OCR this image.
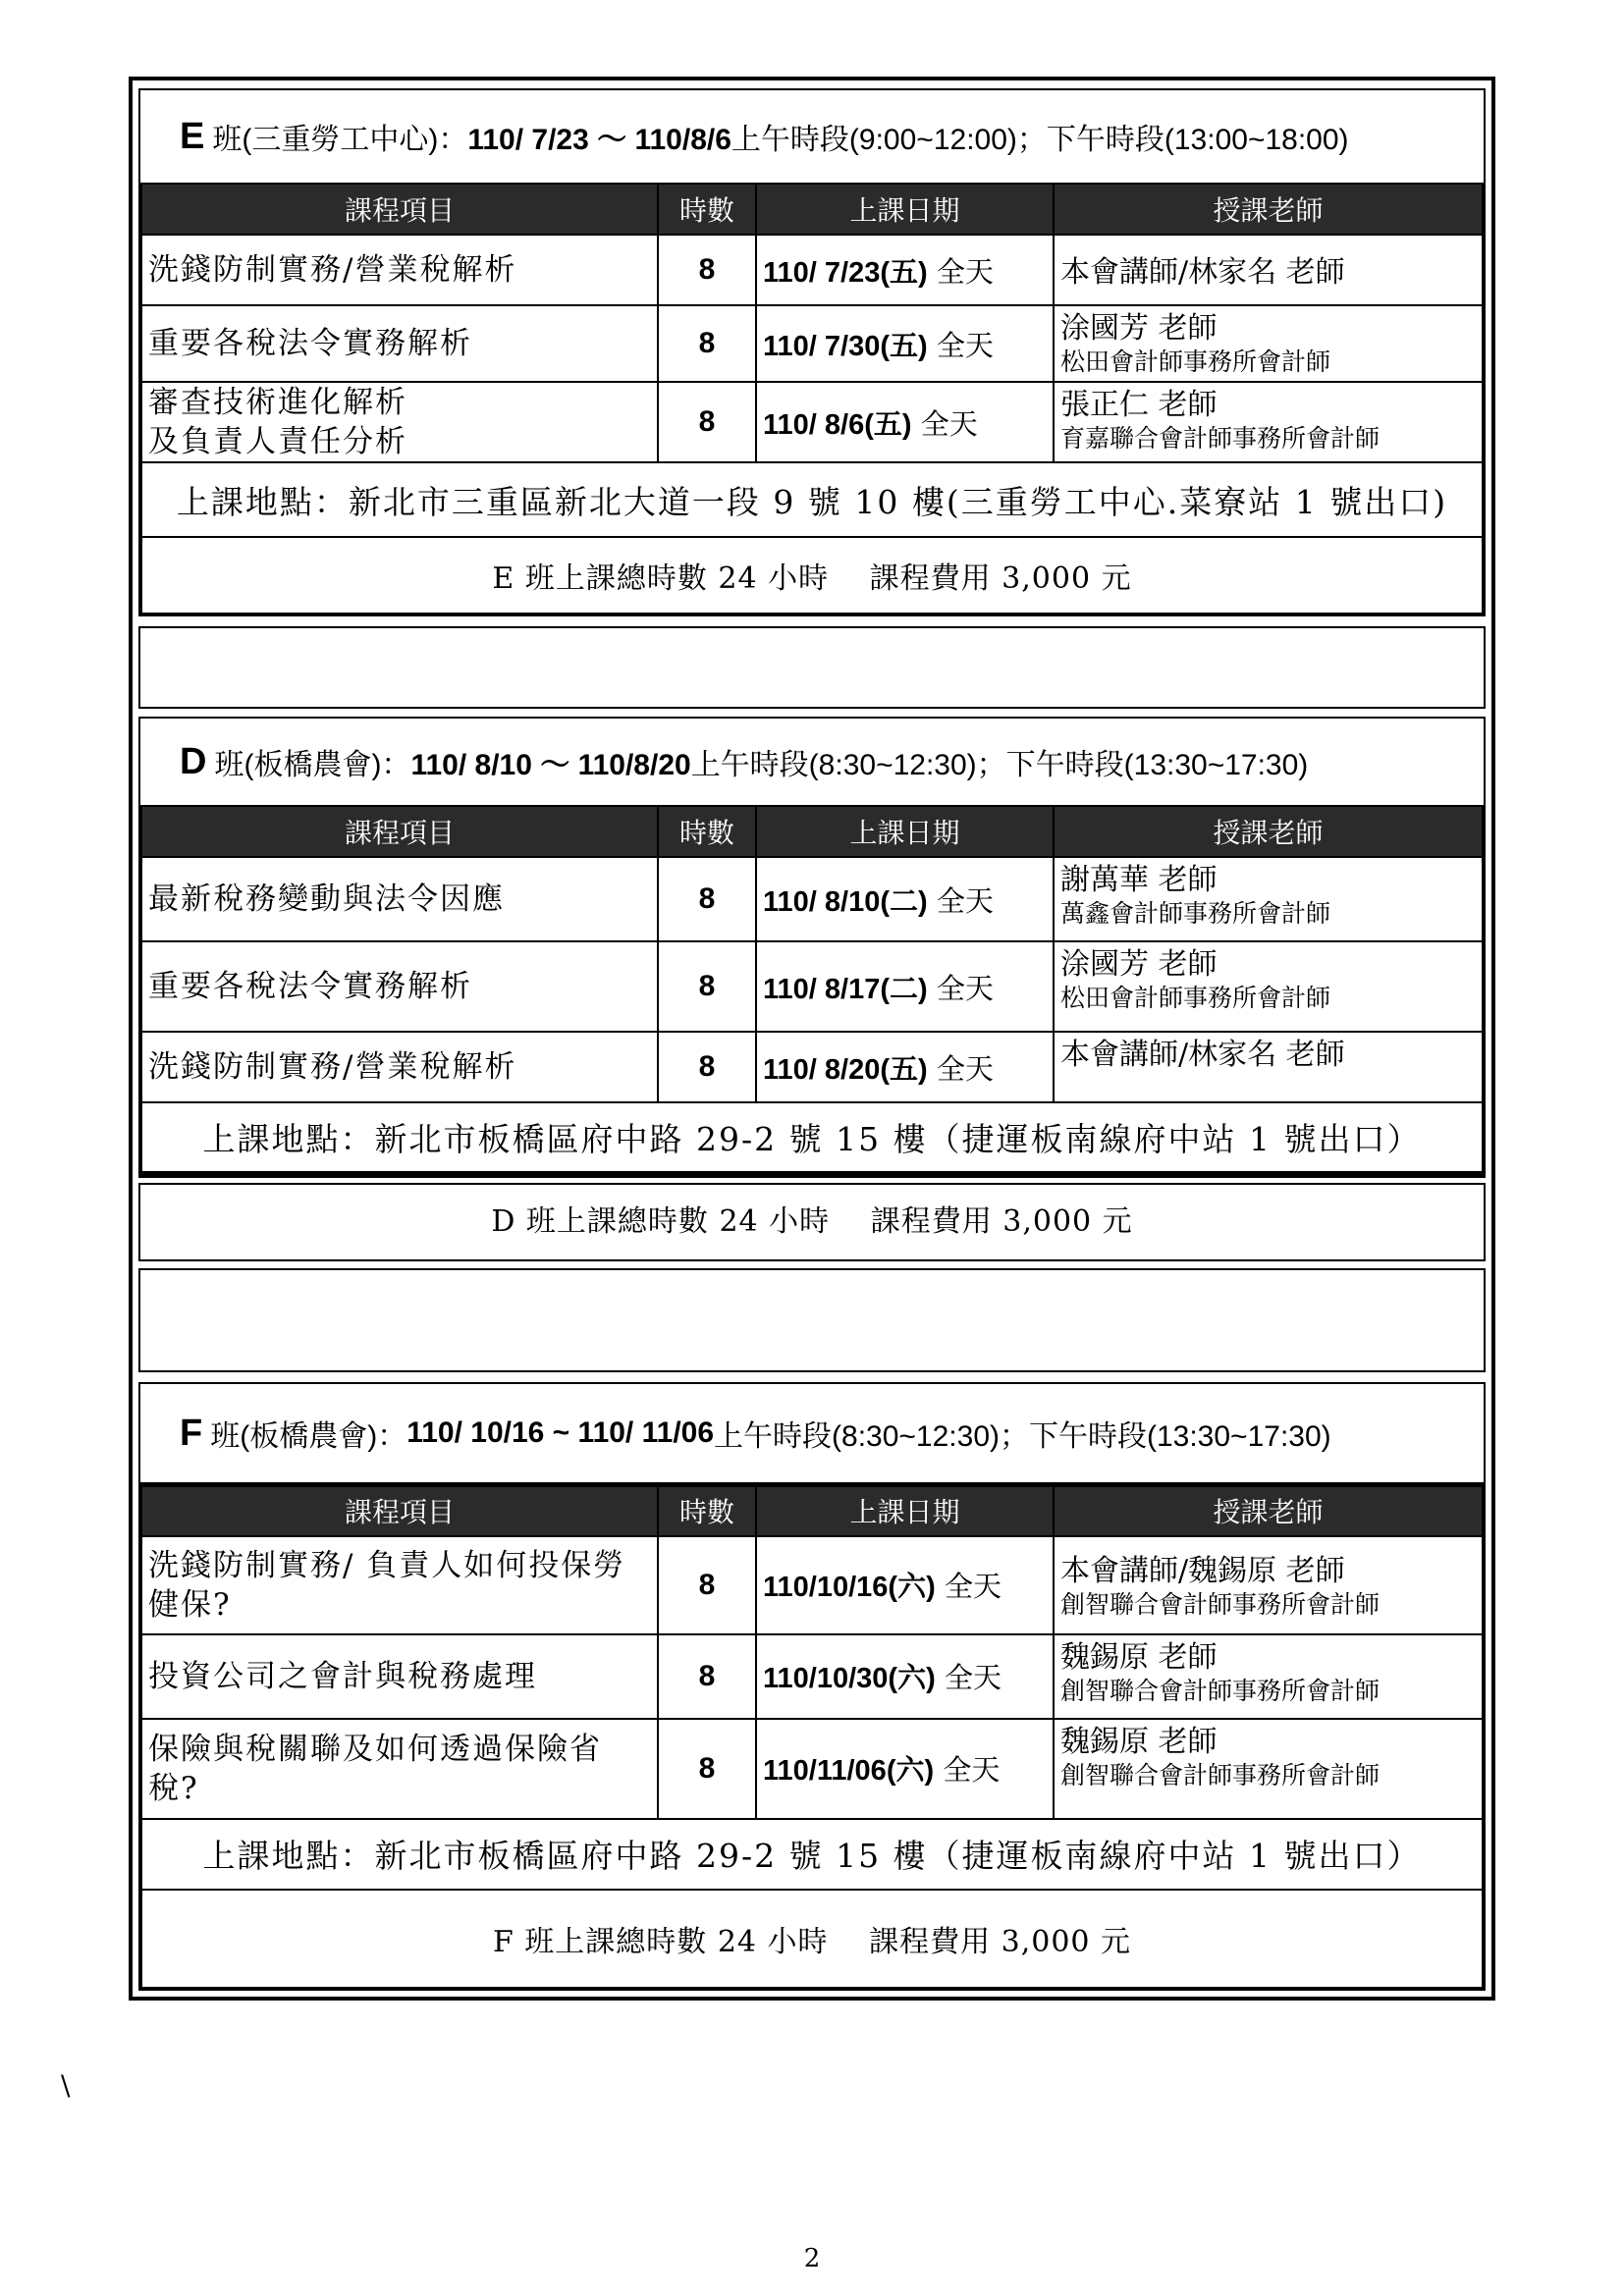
E 班(三重勞工中心)： 110/ 7/23 ～ 110/8/6 上午時段(9:00~12:00)；下午時段(13:00~18:00)
課程項目	時數	上課日期	授課老師
洗錢防制實務/營業稅解析	8	110/ 7/23(五) 全天	本會講師/林家名 老師
重要各稅法令實務解析	8	110/ 7/30(五) 全天	涂國芳 老師
松田會計師事務所會計師

審查技術進化解析
及負責人責任分析	8	110/ 8/6(五) 全天	張正仁 老師
育嘉聯合會計師事務所會計師

上課地點：新北市三重區新北大道一段 9 號 10 樓(三重勞工中心.菜寮站 1 號出口)			
E 班上課總時數 24 小時　 課程費用 3,000 元			
D 班(板橋農會)： 110/ 8/10 ～ 110/8/20 上午時段(8:30~12:30)；下午時段(13:30~17:30)
課程項目	時數	上課日期	授課老師
最新稅務變動與法令因應	8	110/ 8/10(二) 全天	謝萬華 老師
萬鑫會計師事務所會計師

重要各稅法令實務解析	8	110/ 8/17(二) 全天	涂國芳 老師
松田會計師事務所會計師

洗錢防制實務/營業稅解析	8	110/ 8/20(五) 全天	本會講師/林家名 老師
上課地點：新北市板橋區府中路 29-2 號 15 樓（捷運板南線府中站 1 號出口）			
D 班上課總時數 24 小時　 課程費用 3,000 元
F 班(板橋農會)： 110/ 10/16 ~ 110/ 11/06 上午時段(8:30~12:30)；下午時段(13:30~17:30)
課程項目	時數	上課日期	授課老師
洗錢防制實務/ 負責人如何投保勞健保?	8	110/10/16(六) 全天	本會講師/魏錫原 老師
創智聯合會計師事務所會計師

投資公司之會計與稅務處理	8	110/10/30(六) 全天	魏錫原 老師
創智聯合會計師事務所會計師

保險與稅關聯及如何透過保險省稅?	8	110/11/06(六) 全天	魏錫原 老師
創智聯合會計師事務所會計師

上課地點：新北市板橋區府中路 29-2 號 15 樓（捷運板南線府中站 1 號出口）			
F 班上課總時數 24 小時　 課程費用 3,000 元			
\
2
